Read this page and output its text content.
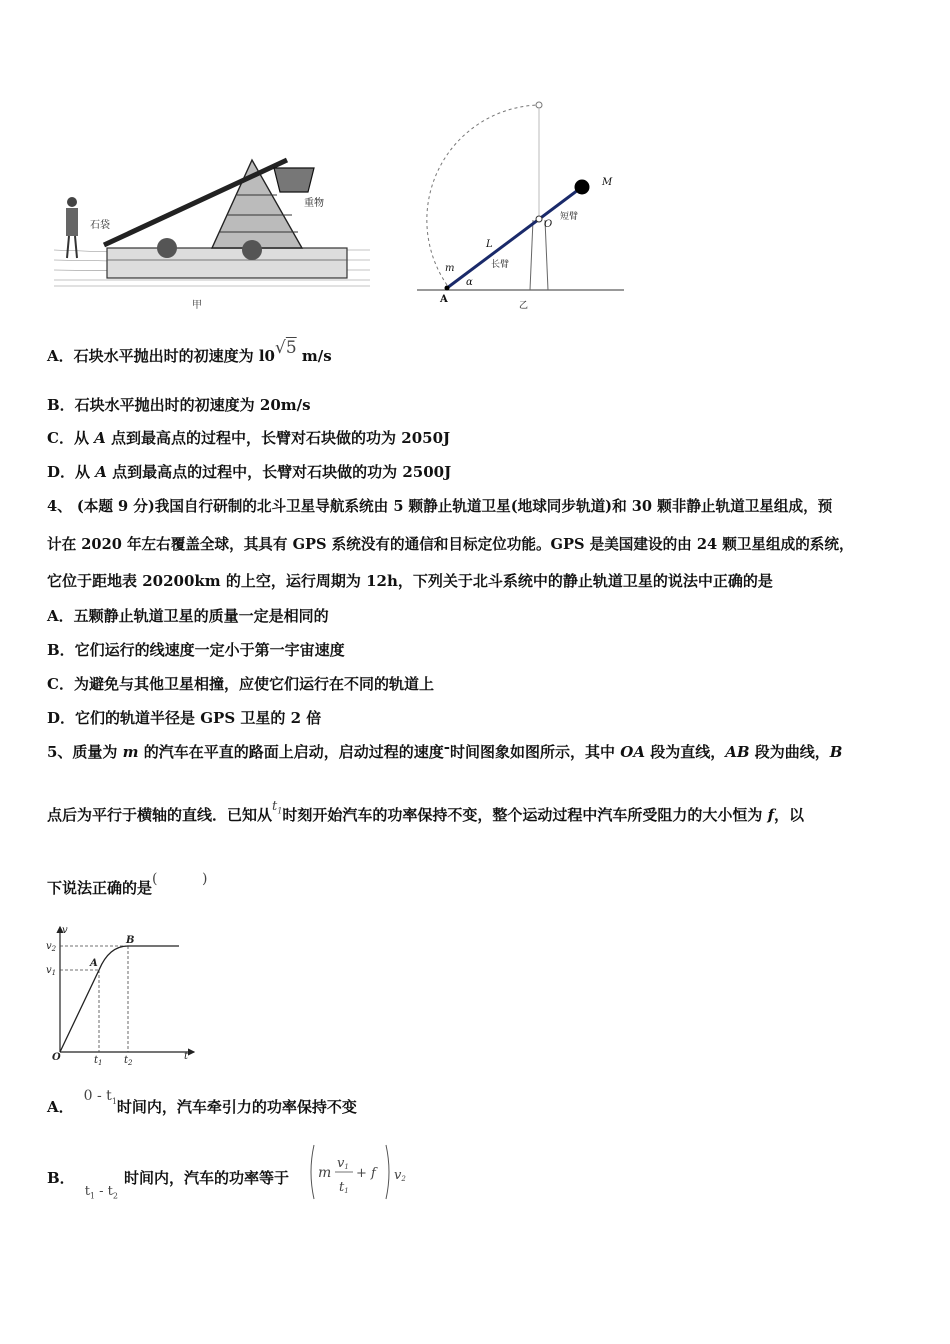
石袋
重物
甲
A
α
m
L
O
M
长臂
短臂
乙
A．石块水平抛出时的初速度为 l0√5 m/s
B．石块水平抛出时的初速度为 20m/s
C．从 A 点到最高点的过程中，长臂对石块做的功为 2050J
D．从 A 点到最高点的过程中，长臂对石块做的功为 2500J
4、 (本题 9 分)我国自行研制的北斗卫星导航系统由 5 颗静止轨道卫星(地球同步轨道)和 30 颗非静止轨道卫星组成，预
计在 2020 年左右覆盖全球，其具有 GPS 系统没有的通信和目标定位功能。GPS 是美国建设的由 24 颗卫星组成的系统，
它位于距地表 20200km 的上空，运行周期为 12h，下列关于北斗系统中的静止轨道卫星的说法中正确的是
A．五颗静止轨道卫星的质量一定是相同的
B．它们运行的线速度一定小于第一宇宙速度
C．为避免与其他卫星相撞，应使它们运行在不同的轨道上
D．它们的轨道半径是 GPS 卫星的 2 倍
5、质量为 m 的汽车在平直的路面上启动，启动过程的速度‐时间图象如图所示，其中 OA 段为直线，AB 段为曲线，B
点后为平行于横轴的直线．已知从$t_1$时刻开始汽车的功率保持不变，整个运动过程中汽车所受阻力的大小恒为 f，以
下说法正确的是(          )
v
t
O
$v_2$
$v_1$
A
B
$t_1$ $t_2$
A．$0 - t_1$时间内，汽车牵引力的功率保持不变
B．$t_1 - t_2$时间内，汽车的功率等于 m
v1
t1
+ f v2
